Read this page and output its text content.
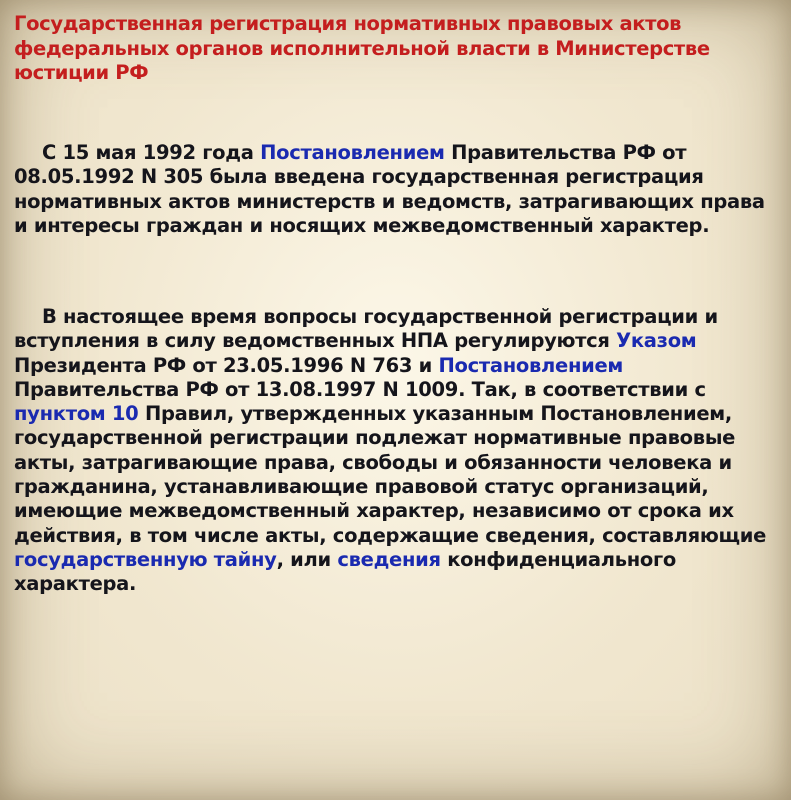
Государственная регистрация нормативных правовых актов федеральных органов исполнительной власти в Министерстве юстиции РФ

С 15 мая 1992 года Постановлением Правительства РФ от 08.05.1992 N 305 была введена государственная регистрация нормативных актов министерств и ведомств, затрагивающих права и интересы граждан и носящих межведомственный характер.

В настоящее время вопросы государственной регистрации и вступления в силу ведомственных НПА регулируются Указом Президента РФ от 23.05.1996 N 763 и Постановлением Правительства РФ от 13.08.1997 N 1009. Так, в соответствии с пунктом 10 Правил, утвержденных указанным Постановлением, государственной регистрации подлежат нормативные правовые акты, затрагивающие права, свободы и обязанности человека и гражданина, устанавливающие правовой статус организаций, имеющие межведомственный характер, независимо от срока их действия, в том числе акты, содержащие сведения, составляющие государственную тайну, или сведения конфиденциального характера.
